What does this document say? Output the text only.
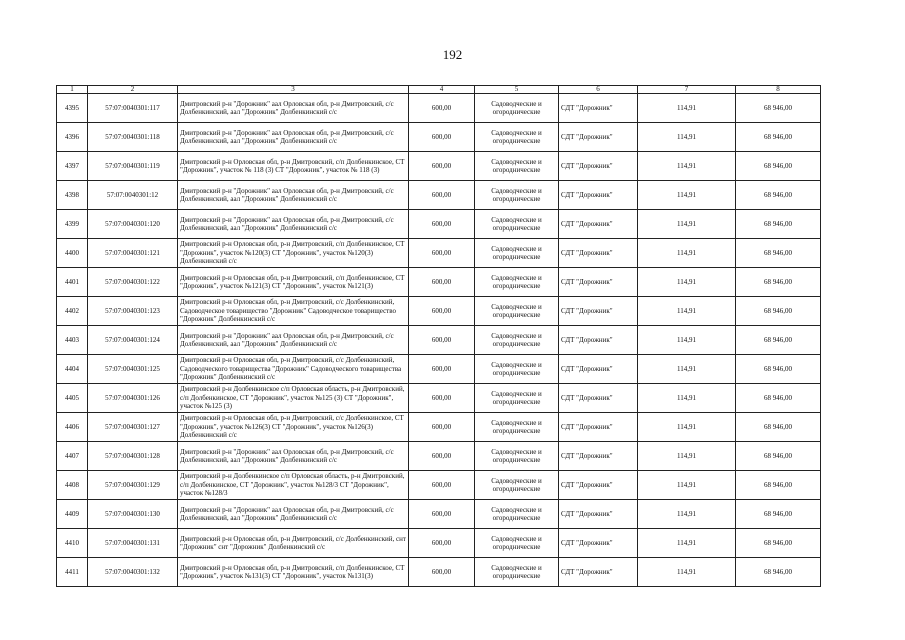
192
1	2	3	4	5	6	7	8
4395	57:07:0040301:117	Дмитровский р-н "Дорожник" аал Орловская обл, р-н Дмитровский, с/с Долбенкинский, аал "Дорожник" Долбенкинский с/с	600,00	Садоводческие и огороднические	СДТ "Дорожник"	114,91	68 946,00
4396	57:07:0040301:118	Дмитровский р-н "Дорожник" аал Орловская обл, р-н Дмитровский, с/с Долбенкинский, аал "Дорожник" Долбенкинский с/с	600,00	Садоводческие и огороднические	СДТ "Дорожник"	114,91	68 946,00
4397	57:07:0040301:119	Дмитровский р-н Орловская обл, р-н Дмитровский, с/п Долбенкинское, СТ "Дорожник", участок № 118 (3) СТ "Дорожник", участок № 118 (3)	600,00	Садоводческие и огороднические	СДТ "Дорожник"	114,91	68 946,00
4398	57:07:0040301:12	Дмитровский р-н "Дорожник" аал Орловская обл, р-н Дмитровский, с/с Долбенкинский, аал "Дорожник" Долбенкинский с/с	600,00	Садоводческие и огороднические	СДТ "Дорожник"	114,91	68 946,00
4399	57:07:0040301:120	Дмитровский р-н "Дорожник" аал Орловская обл, р-н Дмитровский, с/с Долбенкинский, аал "Дорожник" Долбенкинский с/с	600,00	Садоводческие и огороднические	СДТ "Дорожник"	114,91	68 946,00
4400	57:07:0040301:121	Дмитровский р-н Орловская обл, р-н Дмитровский, с/п Долбенкинское, СТ "Дорожник", участок №120(3) СТ "Дорожник", участок №120(3) Долбенкинский с/с	600,00	Садоводческие и огороднические	СДТ "Дорожник"	114,91	68 946,00
4401	57:07:0040301:122	Дмитровский р-н Орловская обл, р-н Дмитровский, с/п Долбенкинское, СТ "Дорожник", участок №121(3) СТ "Дорожник", участок №121(3)	600,00	Садоводческие и огороднические	СДТ "Дорожник"	114,91	68 946,00
4402	57:07:0040301:123	Дмитровский р-н Орловская обл, р-н Дмитровский, с/с Долбенкинский, Садоводческое товарищество "Дорожник" Садоводческое товарищество "Дорожник" Долбенкинский с/с	600,00	Садоводческие и огороднические	СДТ "Дорожник"	114,91	68 946,00
4403	57:07:0040301:124	Дмитровский р-н "Дорожник" аал Орловская обл, р-н Дмитровский, с/с Долбенкинский, аал "Дорожник" Долбенкинский с/с	600,00	Садоводческие и огороднические	СДТ "Дорожник"	114,91	68 946,00
4404	57:07:0040301:125	Дмитровский р-н Орловская обл, р-н Дмитровский, с/с Долбенкинский, Садоводческого товарищества "Дорожник" Садоводческого товарищества "Дорожник" Долбенкинский с/с	600,00	Садоводческие и огороднические	СДТ "Дорожник"	114,91	68 946,00
4405	57:07:0040301:126	Дмитровский р-н Долбенкинское с/п Орловская область, р-н Дмитровский, с/п Долбенкинское, СТ "Дорожник", участок №125 (3) СТ "Дорожник", участок №125 (3)	600,00	Садоводческие и огороднические	СДТ "Дорожник"	114,91	68 946,00
4406	57:07:0040301:127	Дмитровский р-н Орловская обл, р-н Дмитровский, с/с Долбенкинское, СТ "Дорожник", участок №126(3) СТ "Дорожник", участок №126(3) Долбенкинский с/с	600,00	Садоводческие и огороднические	СДТ "Дорожник"	114,91	68 946,00
4407	57:07:0040301:128	Дмитровский р-н "Дорожник" аал Орловская обл, р-н Дмитровский, с/с Долбенкинский, аал "Дорожник" Долбенкинский с/с	600,00	Садоводческие и огороднические	СДТ "Дорожник"	114,91	68 946,00
4408	57:07:0040301:129	Дмитровский р-н Долбенкинское с/п Орловская область, р-н Дмитровский, с/п Долбенкинское, СТ "Дорожник", участок №128/3 СТ "Дорожник", участок №128/3	600,00	Садоводческие и огороднические	СДТ "Дорожник"	114,91	68 946,00
4409	57:07:0040301:130	Дмитровский р-н "Дорожник" аал Орловская обл, р-н Дмитровский, с/с Долбенкинский, аал "Дорожник" Долбенкинский с/с	600,00	Садоводческие и огороднические	СДТ "Дорожник"	114,91	68 946,00
4410	57:07:0040301:131	Дмитровский р-н Орловская обл, р-н Дмитровский, с/с Долбенкинский, снт "Дорожник" снт "Дорожник" Долбенкинский с/с	600,00	Садоводческие и огороднические	СДТ "Дорожник"	114,91	68 946,00
4411	57:07:0040301:132	Дмитровский р-н Орловская обл, р-н Дмитровский, с/п Долбенкинское, СТ "Дорожник", участок №131(3) СТ "Дорожник", участок №131(3)	600,00	Садоводческие и огороднические	СДТ "Дорожник"	114,91	68 946,00
